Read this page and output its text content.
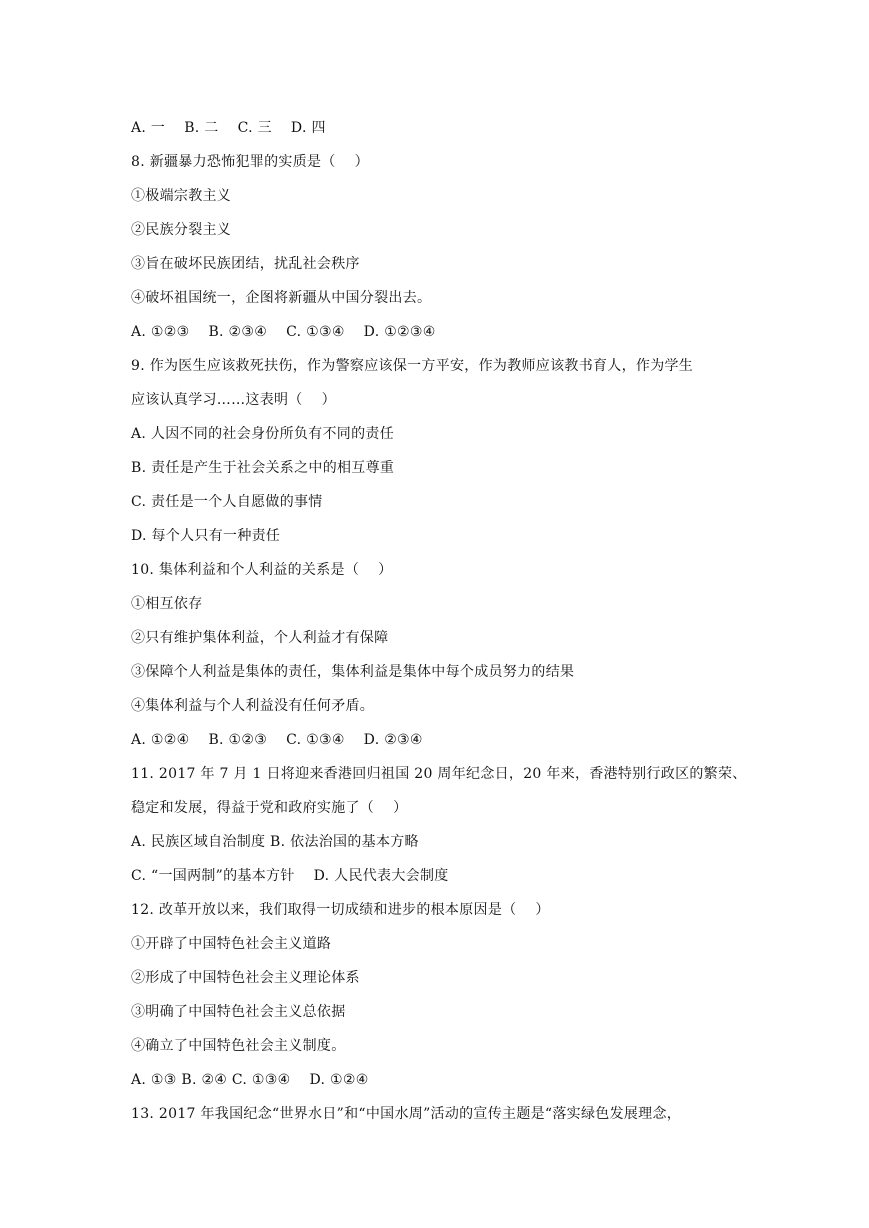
A. 一    B. 二    C. 三    D. 四
8. 新疆暴力恐怖犯罪的实质是（    ）
①极端宗教主义
②民族分裂主义
③旨在破坏民族团结，扰乱社会秩序
④破坏祖国统一，企图将新疆从中国分裂出去。
A. ①②③    B. ②③④    C. ①③④    D. ①②③④
9. 作为医生应该救死扶伤，作为警察应该保一方平安，作为教师应该教书育人，作为学生
应该认真学习……这表明（    ）
A. 人因不同的社会身份所负有不同的责任
B. 责任是产生于社会关系之中的相互尊重
C. 责任是一个人自愿做的事情
D. 每个人只有一种责任
10. 集体利益和个人利益的关系是（    ）
①相互依存
②只有维护集体利益，个人利益才有保障
③保障个人利益是集体的责任，集体利益是集体中每个成员努力的结果
④集体利益与个人利益没有任何矛盾。
A. ①②④    B. ①②③    C. ①③④    D. ②③④
11. 2017 年 7 月 1 日将迎来香港回归祖国 20 周年纪念日，20 年来，香港特别行政区的繁荣、
稳定和发展，得益于党和政府实施了（    ）
A. 民族区域自治制度 B. 依法治国的基本方略
C. “一国两制”的基本方针    D. 人民代表大会制度
12. 改革开放以来，我们取得一切成绩和进步的根本原因是（    ）
①开辟了中国特色社会主义道路
②形成了中国特色社会主义理论体系
③明确了中国特色社会主义总依据
④确立了中国特色社会主义制度。
A. ①③ B. ②④ C. ①③④    D. ①②④
13. 2017 年我国纪念“世界水日”和“中国水周”活动的宣传主题是“落实绿色发展理念，
